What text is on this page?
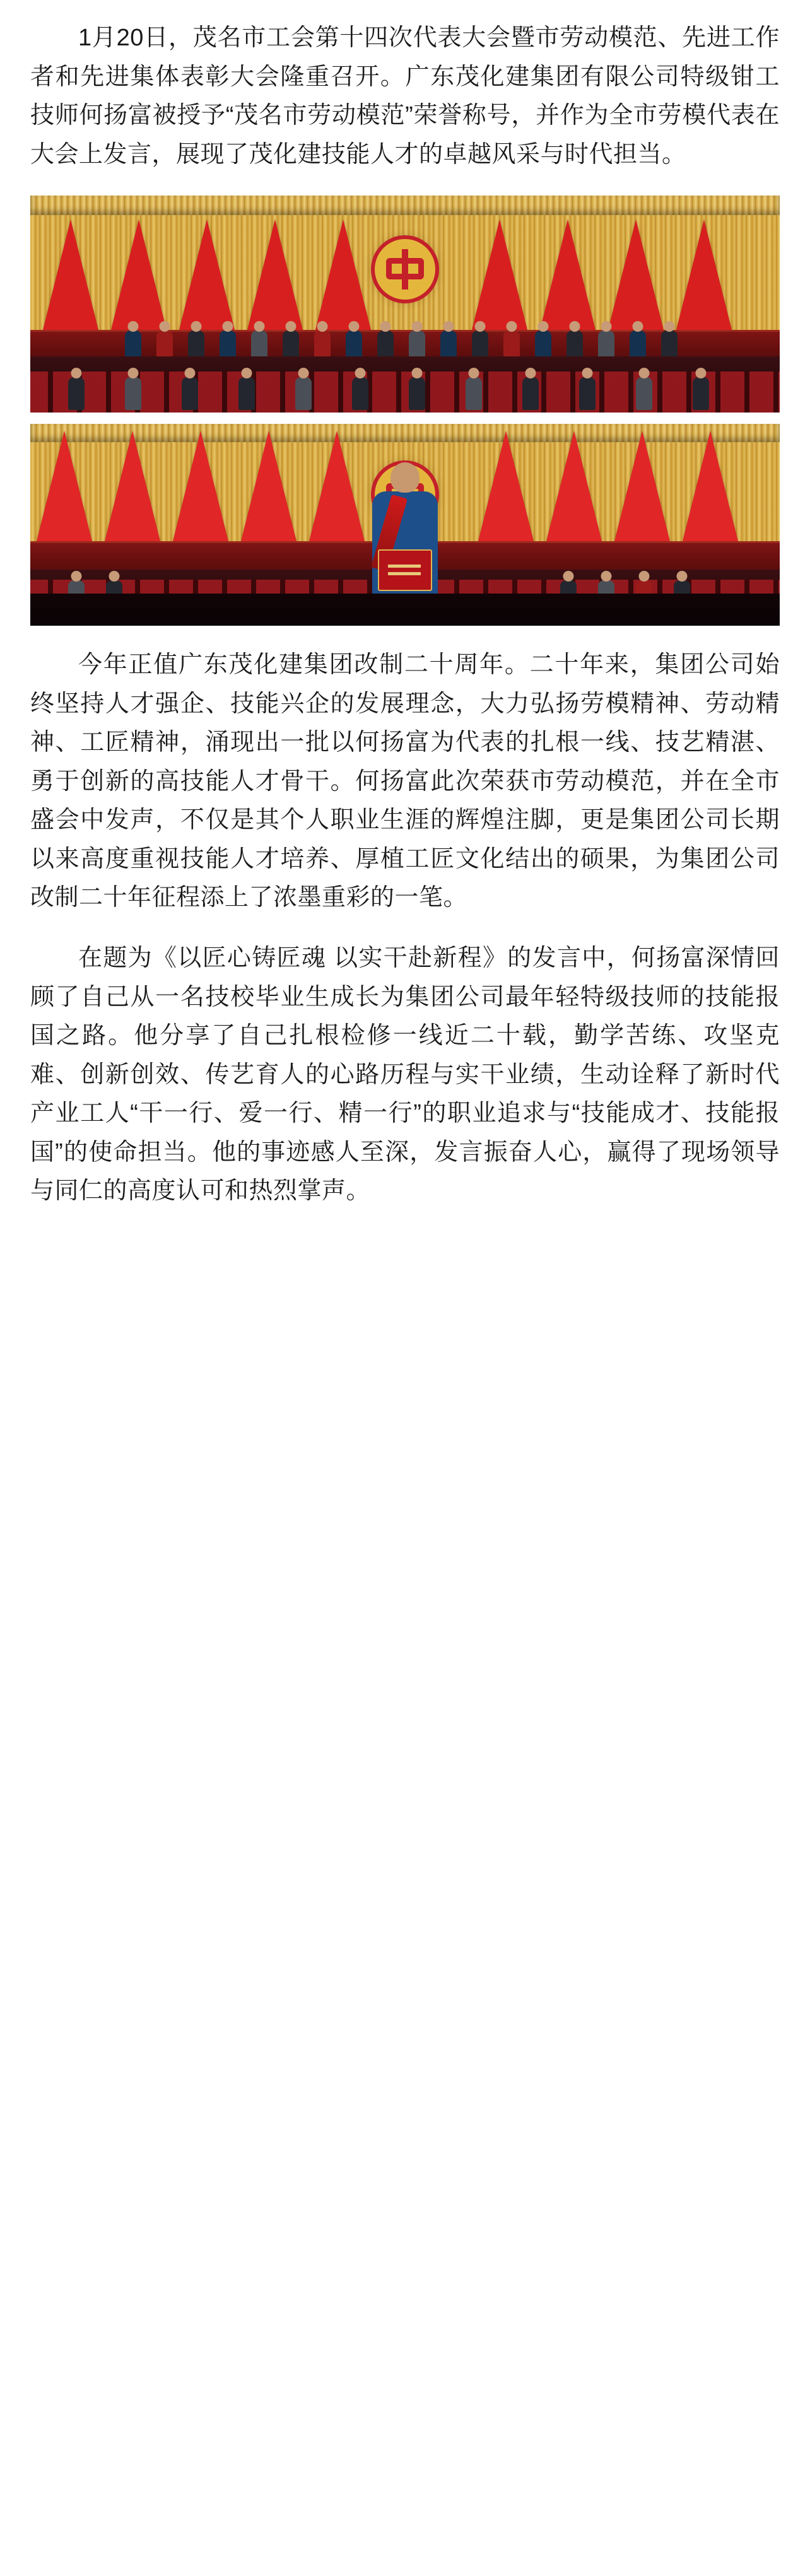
1月20日，茂名市工会第十四次代表大会暨市劳动模范、先进工作者和先进集体表彰大会隆重召开。广东茂化建集团有限公司特级钳工技师何扬富被授予“茂名市劳动模范”荣誉称号，并作为全市劳模代表在大会上发言，展现了茂化建技能人才的卓越风采与时代担当。

今年正值广东茂化建集团改制二十周年。二十年来，集团公司始终坚持人才强企、技能兴企的发展理念，大力弘扬劳模精神、劳动精神、工匠精神，涌现出一批以何扬富为代表的扎根一线、技艺精湛、勇于创新的高技能人才骨干。何扬富此次荣获市劳动模范，并在全市盛会中发声，不仅是其个人职业生涯的辉煌注脚，更是集团公司长期以来高度重视技能人才培养、厚植工匠文化结出的硕果，为集团公司改制二十年征程添上了浓墨重彩的一笔。

在题为《以匠心铸匠魂 以实干赴新程》的发言中，何扬富深情回顾了自己从一名技校毕业生成长为集团公司最年轻特级技师的技能报国之路。他分享了自己扎根检修一线近二十载，勤学苦练、攻坚克难、创新创效、传艺育人的心路历程与实干业绩，生动诠释了新时代产业工人“干一行、爱一行、精一行”的职业追求与“技能成才、技能报国”的使命担当。他的事迹感人至深，发言振奋人心，赢得了现场领导与同仁的高度认可和热烈掌声。
